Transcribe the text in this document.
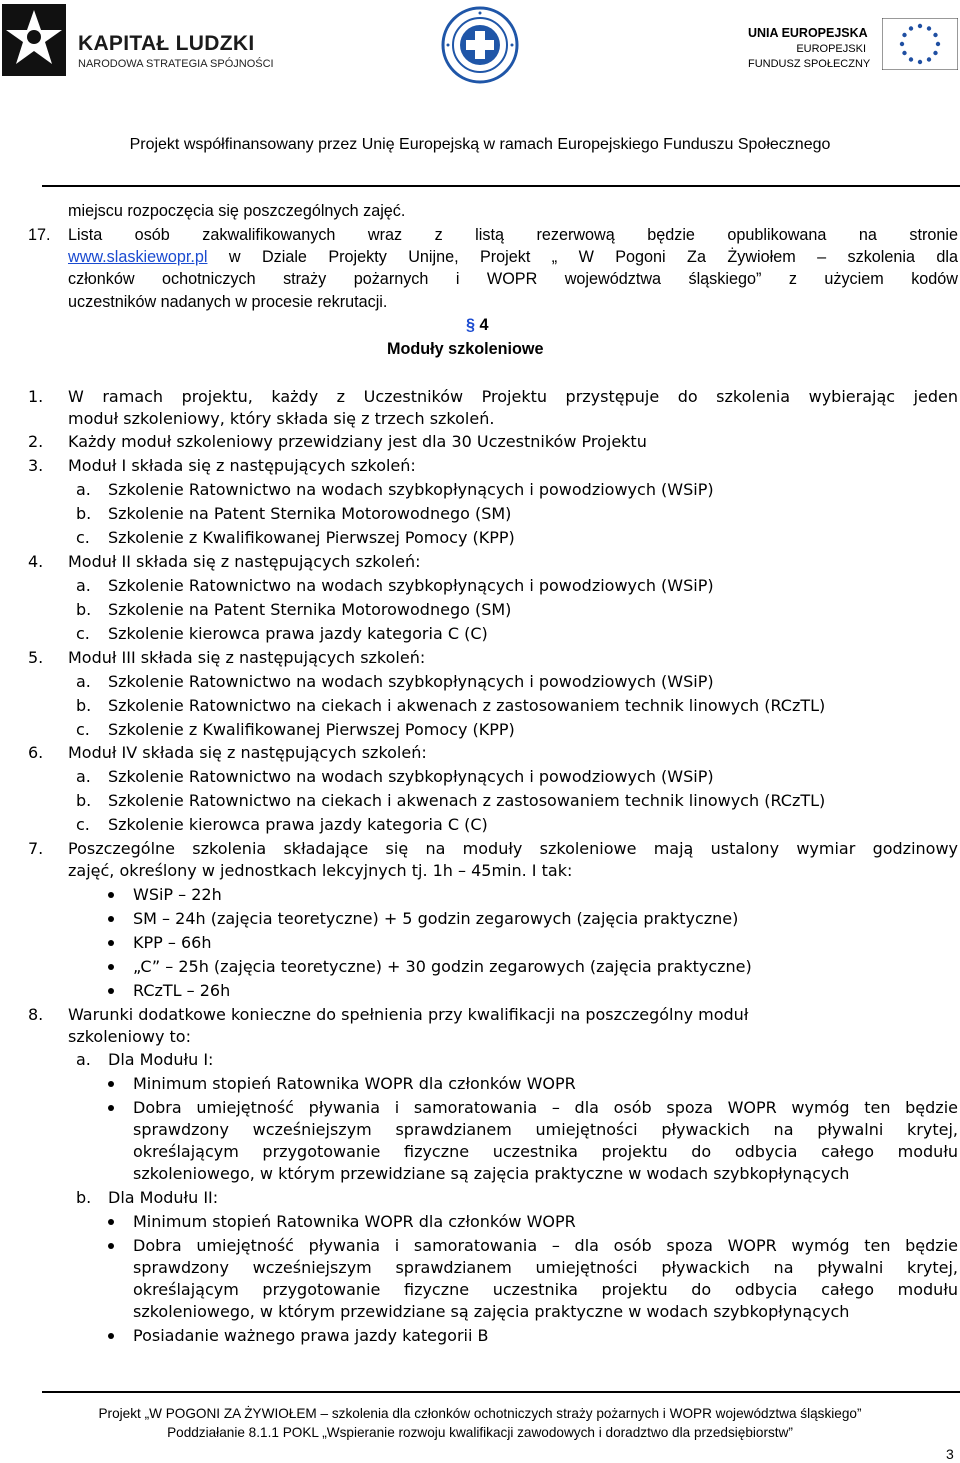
KAPITAŁ LUDZKI
NARODOWA STRATEGIA SPÓJNOŚCI
UNIA EUROPEJSKA
EUROPEJSKI
FUNDUSZ SPOŁECZNY
Projekt współfinansowany przez Unię Europejską w ramach Europejskiego Funduszu Społecznego
miejscu rozpoczęcia się poszczególnych zajęć.
17. Lista osób zakwalifikowanych wraz z listą rezerwową będzie opublikowana na stronie
www.slaskiewopr.pl w Dziale Projekty Unijne, Projekt „ W Pogoni Za Żywiołem – szkolenia dla
członków ochotniczych straży pożarnych i WOPR województwa śląskiego” z użyciem kodów
uczestników nadanych w procesie rekrutacji.
§ 4
Moduły szkoleniowe
1. W ramach projektu, każdy z Uczestników Projektu przystępuje do szkolenia wybierając jeden
moduł szkoleniowy, który składa się z trzech szkoleń.
2. Każdy moduł szkoleniowy przewidziany jest dla 30 Uczestników Projektu
3. Moduł I składa się z następujących szkoleń:
a. Szkolenie Ratownictwo na wodach szybkopłynących i powodziowych (WSiP)
b. Szkolenie na Patent Sternika Motorowodnego (SM)
c. Szkolenie z Kwalifikowanej Pierwszej Pomocy (KPP)
4. Moduł II składa się z następujących szkoleń:
a. Szkolenie Ratownictwo na wodach szybkopłynących i powodziowych (WSiP)
b. Szkolenie na Patent Sternika Motorowodnego (SM)
c. Szkolenie kierowca prawa jazdy kategoria C (C)
5. Moduł III składa się z następujących szkoleń:
a. Szkolenie Ratownictwo na wodach szybkopłynących i powodziowych (WSiP)
b. Szkolenie Ratownictwo na ciekach i akwenach z zastosowaniem technik linowych (RCzTL)
c. Szkolenie z Kwalifikowanej Pierwszej Pomocy (KPP)
6. Moduł IV składa się z następujących szkoleń:
a. Szkolenie Ratownictwo na wodach szybkopłynących i powodziowych (WSiP)
b. Szkolenie Ratownictwo na ciekach i akwenach z zastosowaniem technik linowych (RCzTL)
c. Szkolenie kierowca prawa jazdy kategoria C (C)
7. Poszczególne szkolenia składające się na moduły szkoleniowe mają ustalony wymiar godzinowy
zajęć, określony w jednostkach lekcyjnych tj. 1h – 45min. I tak:
WSiP – 22h
SM – 24h (zajęcia teoretyczne) + 5 godzin zegarowych (zajęcia praktyczne)
KPP – 66h
„C” – 25h (zajęcia teoretyczne) + 30 godzin zegarowych (zajęcia praktyczne)
RCzTL – 26h
8. Warunki dodatkowe konieczne do spełnienia przy kwalifikacji na poszczególny moduł
szkoleniowy to:
a. Dla Modułu I:
Minimum stopień Ratownika WOPR dla członków WOPR
Dobra umiejętność pływania i samoratowania – dla osób spoza WOPR wymóg ten będzie
sprawdzony wcześniejszym sprawdzianem umiejętności pływackich na pływalni krytej,
określającym przygotowanie fizyczne uczestnika projektu do odbycia całego modułu
szkoleniowego, w którym przewidziane są zajęcia praktyczne w wodach szybkopłynących
b. Dla Modułu II:
Minimum stopień Ratownika WOPR dla członków WOPR
Dobra umiejętność pływania i samoratowania – dla osób spoza WOPR wymóg ten będzie
sprawdzony wcześniejszym sprawdzianem umiejętności pływackich na pływalni krytej,
określającym przygotowanie fizyczne uczestnika projektu do odbycia całego modułu
szkoleniowego, w którym przewidziane są zajęcia praktyczne w wodach szybkopłynących
Posiadanie ważnego prawa jazdy kategorii B
Projekt „W POGONI ZA ŻYWIOŁEM – szkolenia dla członków ochotniczych straży pożarnych i WOPR województwa śląskiego”
Poddziałanie 8.1.1 POKL „Wspieranie rozwoju kwalifikacji zawodowych i doradztwo dla przedsiębiorstw”
3
